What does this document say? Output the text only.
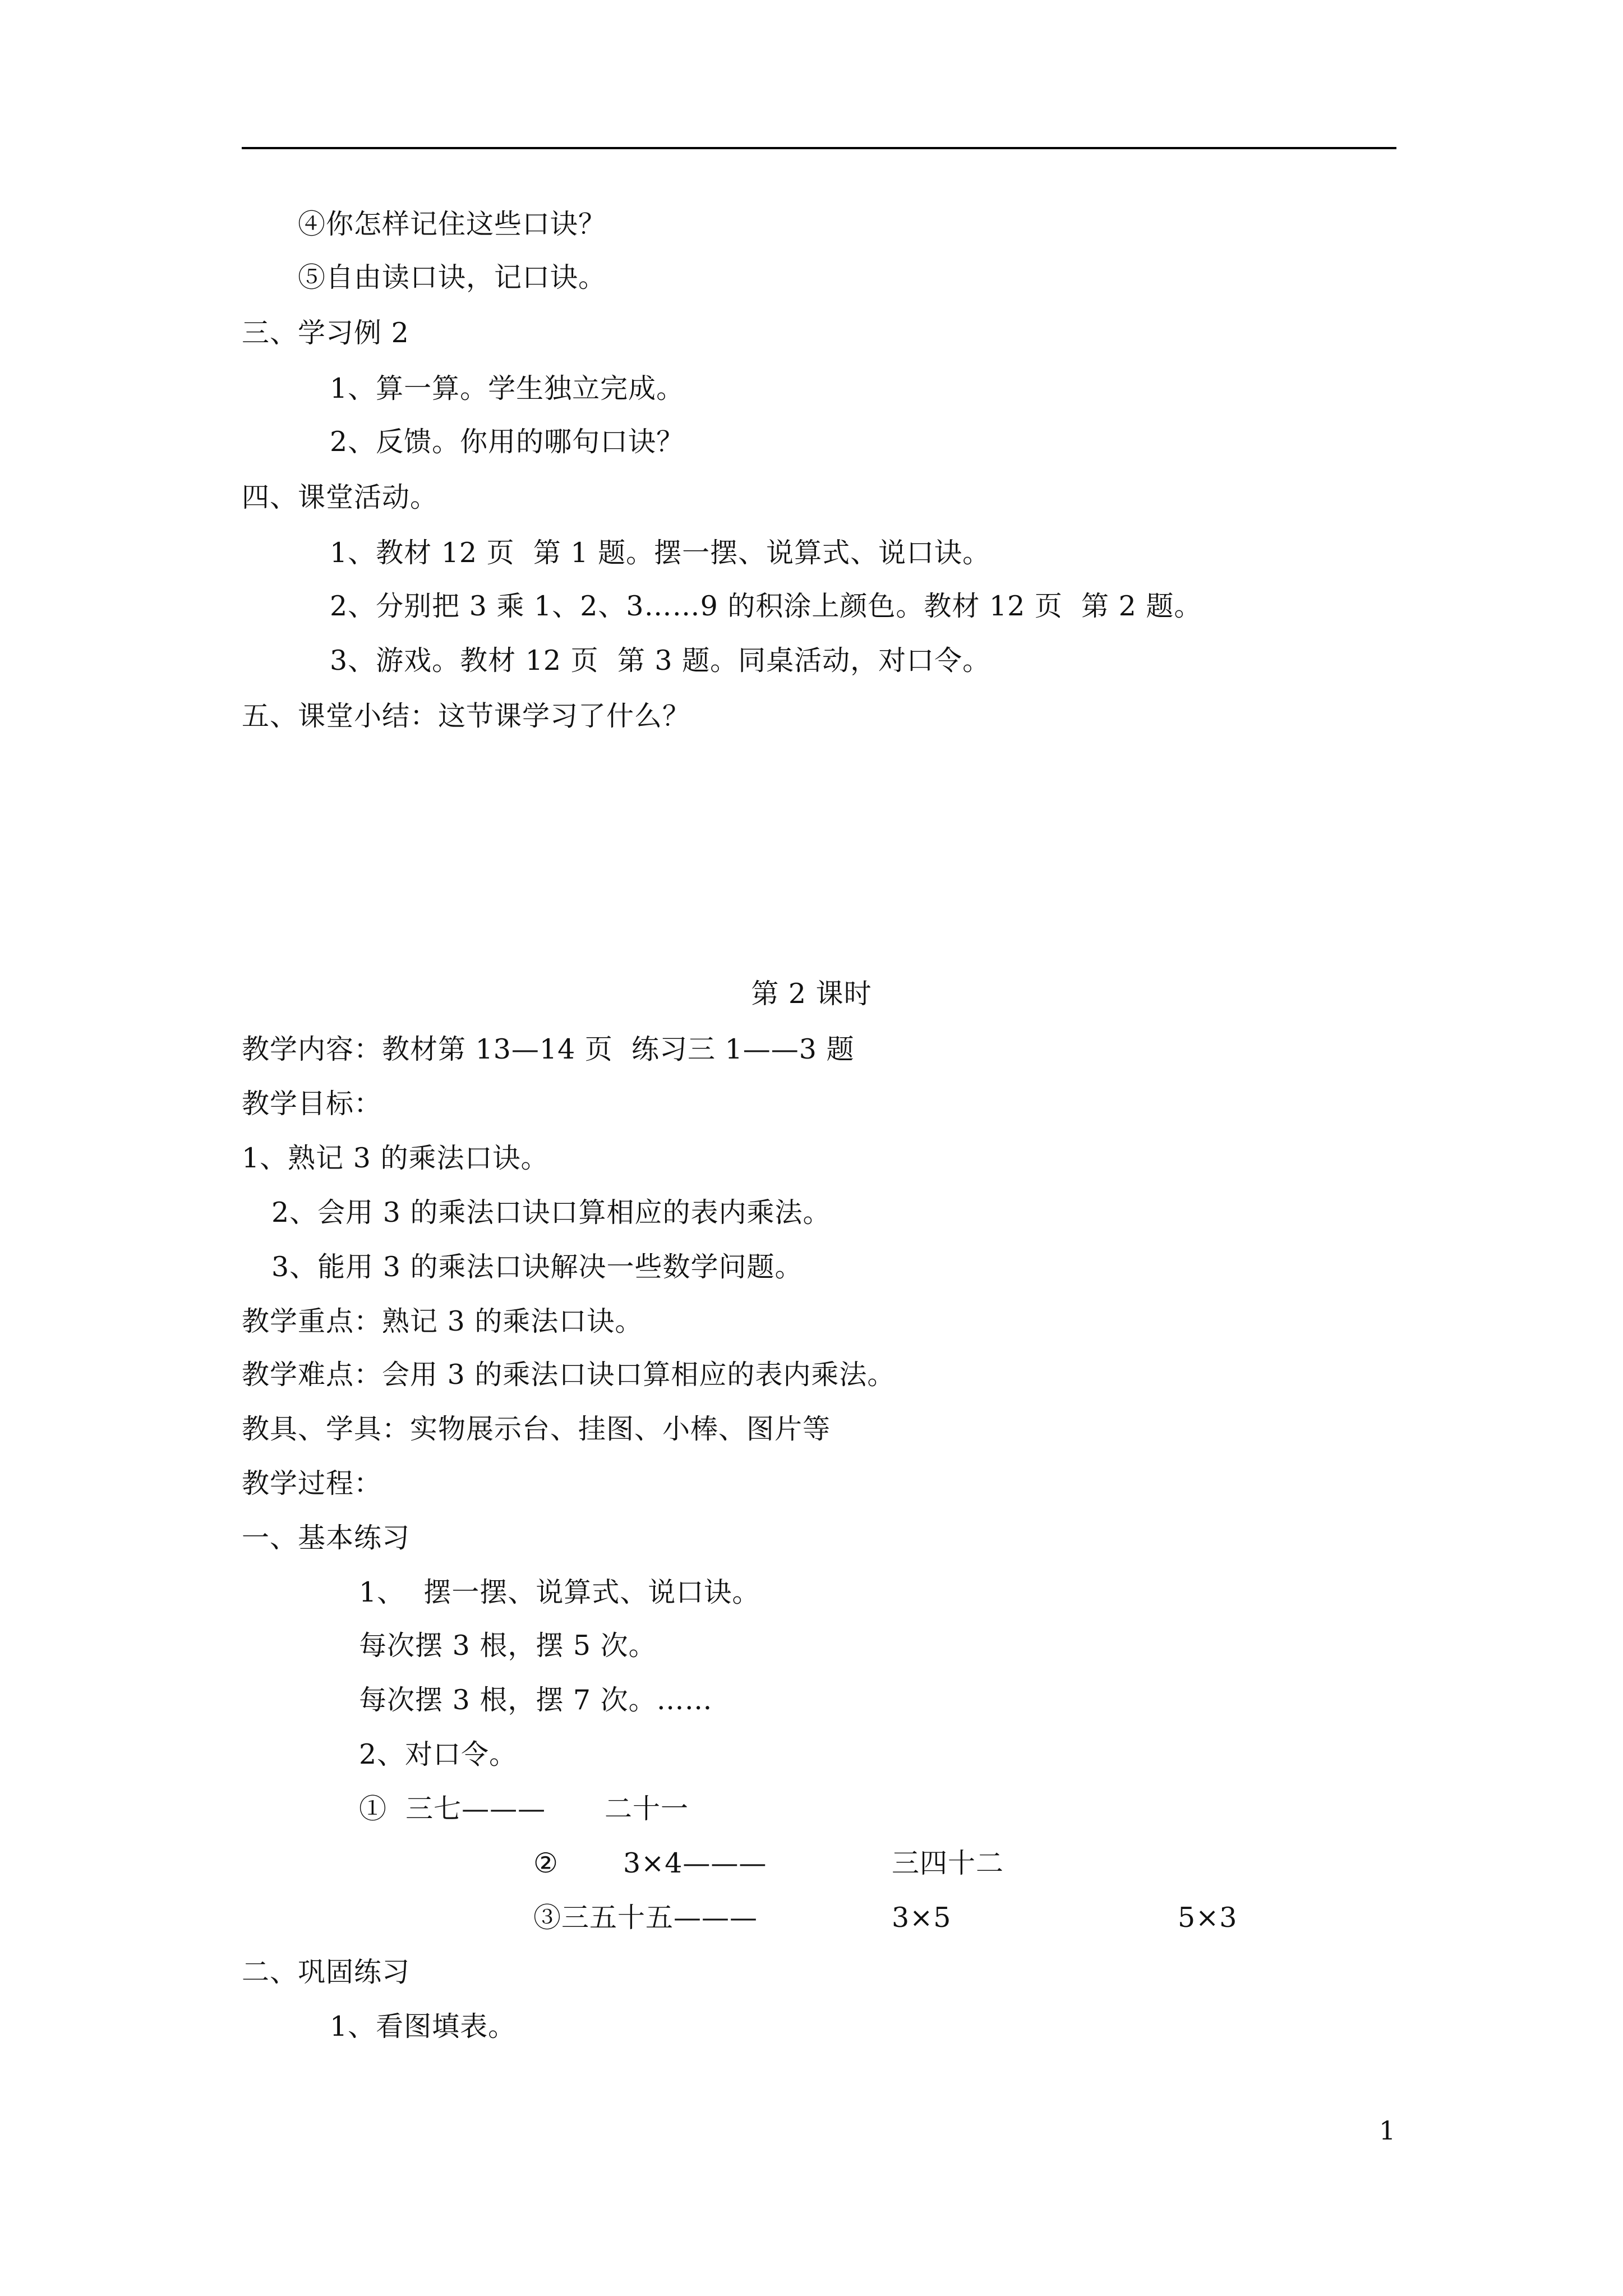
④你怎样记住这些口诀？
⑤自由读口诀，记口诀。
三、学习例 2
1、算一算。学生独立完成。
2、反馈。你用的哪句口诀？
四、课堂活动。
1、教材 12 页  第 1 题。摆一摆、说算式、说口诀。
2、分别把 3 乘 1、2、3……9 的积涂上颜色。教材 12 页  第 2 题。
3、游戏。教材 12 页  第 3 题。同桌活动，对口令。
五、课堂小结：这节课学习了什么？
第 2 课时
教学内容：教材第 13—14 页  练习三 1——3 题
教学目标：
1、熟记 3 的乘法口诀。
2、会用 3 的乘法口诀口算相应的表内乘法。
3、能用 3 的乘法口诀解决一些数学问题。
教学重点：熟记 3 的乘法口诀。
教学难点：会用 3 的乘法口诀口算相应的表内乘法。
教具、学具：实物展示台、挂图、小棒、图片等
教学过程：
一、基本练习
1、  摆一摆、说算式、说口诀。
每次摆 3 根，摆 5 次。
每次摆 3 根，摆 7 次。……
2、对口令。
①  三七——— 二十一
② 3×4———	三四十二
③三五十五———	3×5	5×3
二、巩固练习
1、看图填表。
1
